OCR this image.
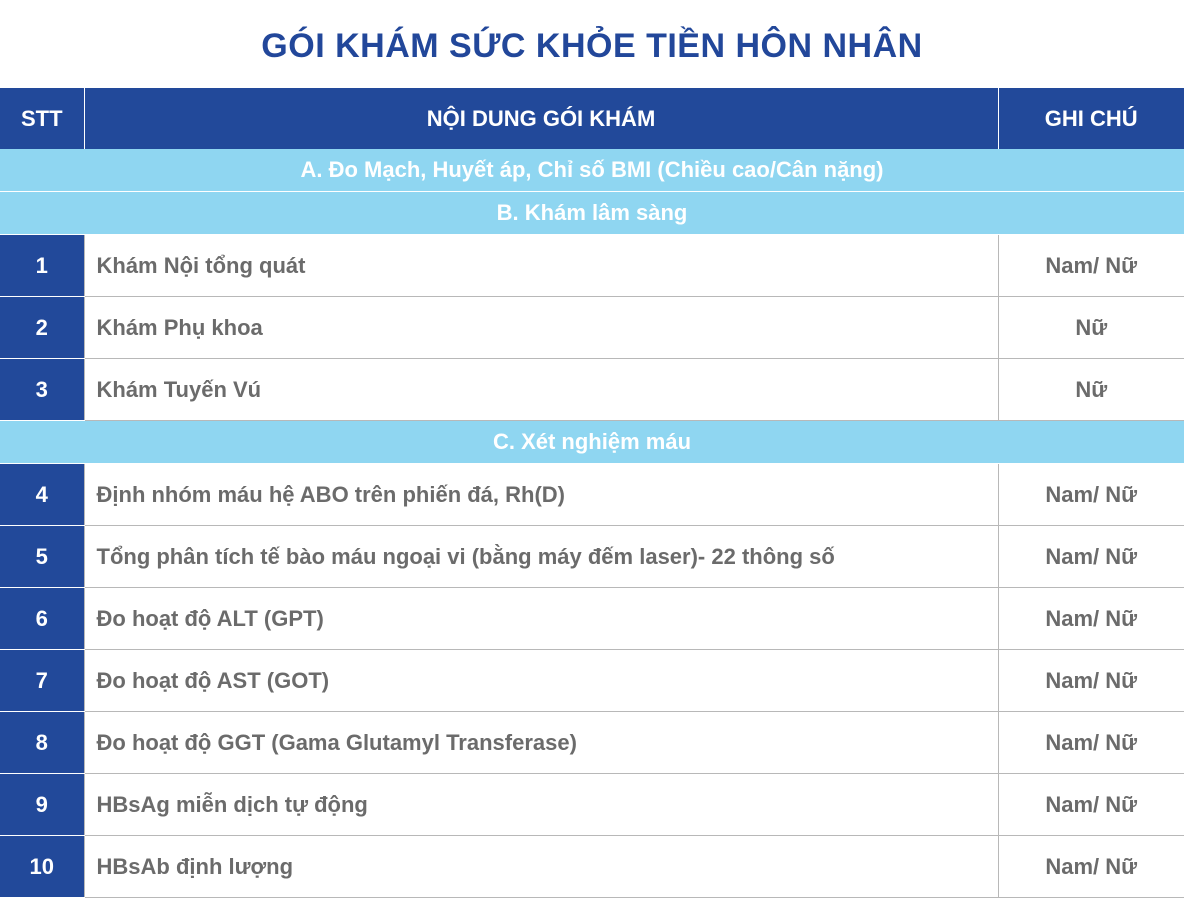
GÓI KHÁM SỨC KHỎE TIỀN HÔN NHÂN
STT	NỘI DUNG GÓI KHÁM	GHI CHÚ
A. Đo Mạch, Huyết áp, Chỉ số BMI (Chiều cao/Cân nặng)		
B. Khám lâm sàng		
1	Khám Nội tổng quát	Nam/ Nữ
2	Khám Phụ khoa	Nữ
3	Khám Tuyến Vú	Nữ
C. Xét nghiệm máu		
4	Định nhóm máu hệ ABO trên phiến đá, Rh(D)	Nam/ Nữ
5	Tổng phân tích tế bào máu ngoại vi (bằng máy đếm laser)- 22 thông số	Nam/ Nữ
6	Đo hoạt độ ALT (GPT)	Nam/ Nữ
7	Đo hoạt độ AST (GOT)	Nam/ Nữ
8	Đo hoạt độ GGT (Gama Glutamyl Transferase)	Nam/ Nữ
9	HBsAg miễn dịch tự động	Nam/ Nữ
10	HBsAb định lượng	Nam/ Nữ
